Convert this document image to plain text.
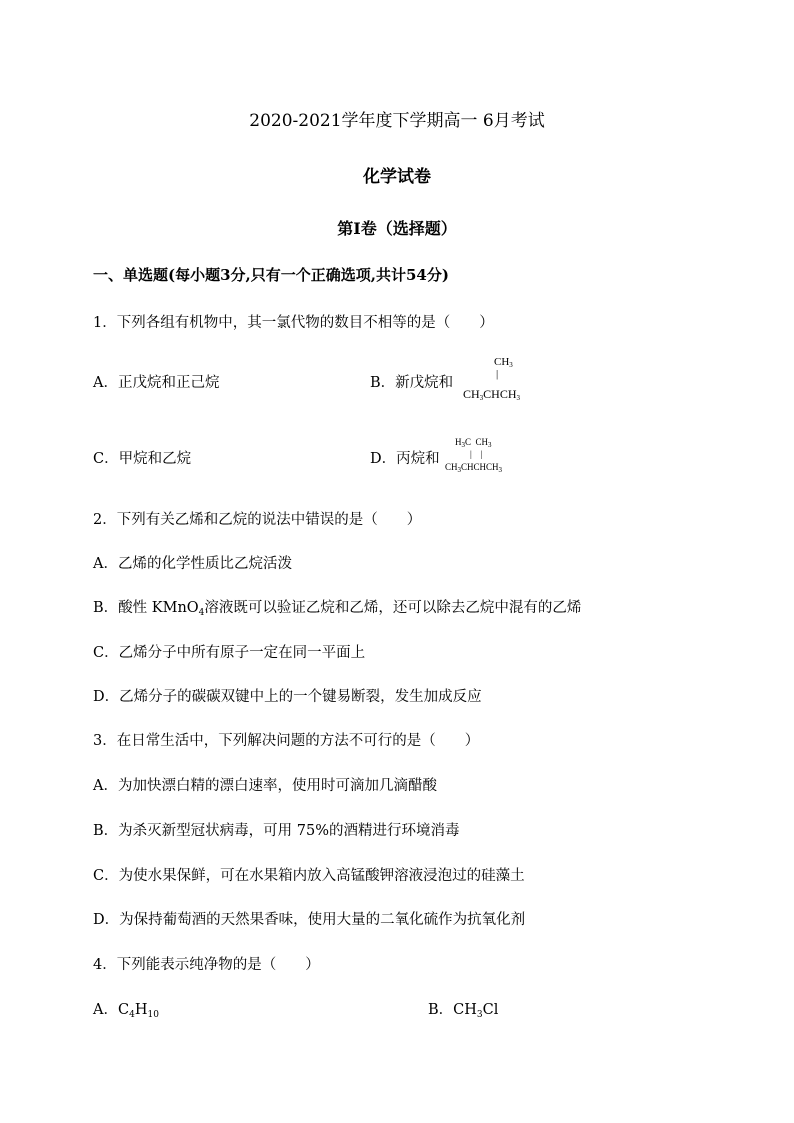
2020-2021学年度下学期高一 6月考试
化学试卷
第Ⅰ卷（选择题）
一、单选题(每小题3分,只有一个正确选项,共计54分)
1．下列各组有机物中，其一氯代物的数目不相等的是（　　）
A．正戊烷和正己烷	B．新戊烷和
$CH_3$
|
$CH_3CHCH_3$
C．甲烷和乙烷	D．丙烷和
$H_3C$  $CH_3$
|    |
$CH_3CHCHCH_3$
2．下列有关乙烯和乙烷的说法中错误的是（　　）
A．乙烯的化学性质比乙烷活泼
B．酸性 KMnO$_4$溶液既可以验证乙烷和乙烯，还可以除去乙烷中混有的乙烯
C．乙烯分子中所有原子一定在同一平面上
D．乙烯分子的碳碳双键中上的一个键易断裂，发生加成反应
3．在日常生活中，下列解决问题的方法不可行的是（　　）
A．为加快漂白精的漂白速率，使用时可滴加几滴醋酸
B．为杀灭新型冠状病毒，可用 75%的酒精进行环境消毒
C．为使水果保鲜，可在水果箱内放入高锰酸钾溶液浸泡过的硅藻土
D．为保持葡萄酒的天然果香味，使用大量的二氧化硫作为抗氧化剂
4．下列能表示纯净物的是（　　）
A．$C_4H_{10}$	B．$CH_3Cl$
